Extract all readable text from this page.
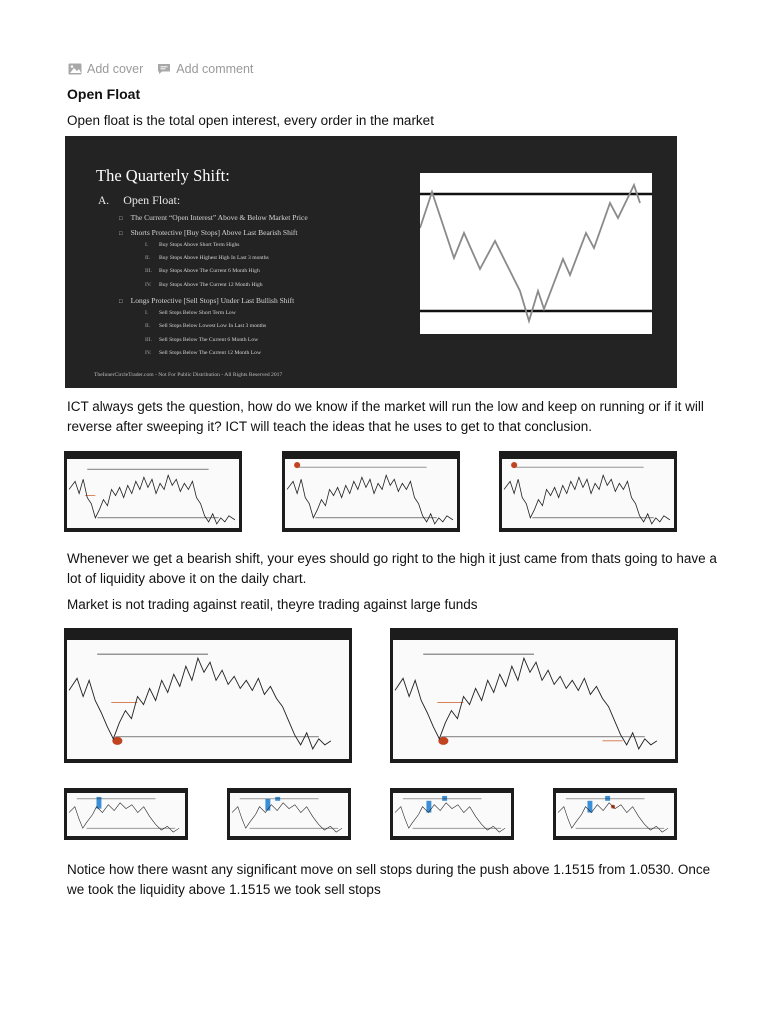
Add cover	Add comment
Open Float
Open float is the total open interest, every order in the market
The Quarterly Shift:
A. Open Float:
□ The Current “Open Interest” Above & Below Market Price
□ Shorts Protective [Buy Stops] Above Last Bearish Shift
I. Buy Stops Above Short Term Highs
II. Buy Stops Above Highest High In Last 3 months
III. Buy Stops Above The Current 6 Month High
IV. Buy Stops Above The Current 12 Month High
□ Longs Protective [Sell Stops] Under Last Bullish Shift
I. Sell Stops Below Short Term Low
II. Sell Stops Below Lowest Low In Last 3 months
III. Sell Stops Below The Current 6 Month Low
IV. Sell Stops Below The Current 12 Month Low
TheInnerCircleTrader.com - Not For Public Distribution - All Rights Reserved 2017
ICT always gets the question, how do we know if the market will run the low and keep on running or if it will reverse after sweeping it? ICT will teach the ideas that he uses to get to that conclusion.
Whenever we get a bearish shift, your eyes should go right to the high it just came from thats going to have a lot of liquidity above it on the daily chart.
Market is not trading against reatil, theyre trading against large funds
Notice how there wasnt any significant move on sell stops during the push above 1.1515 from 1.0530. Once we took the liquidity above 1.1515 we took sell stops
